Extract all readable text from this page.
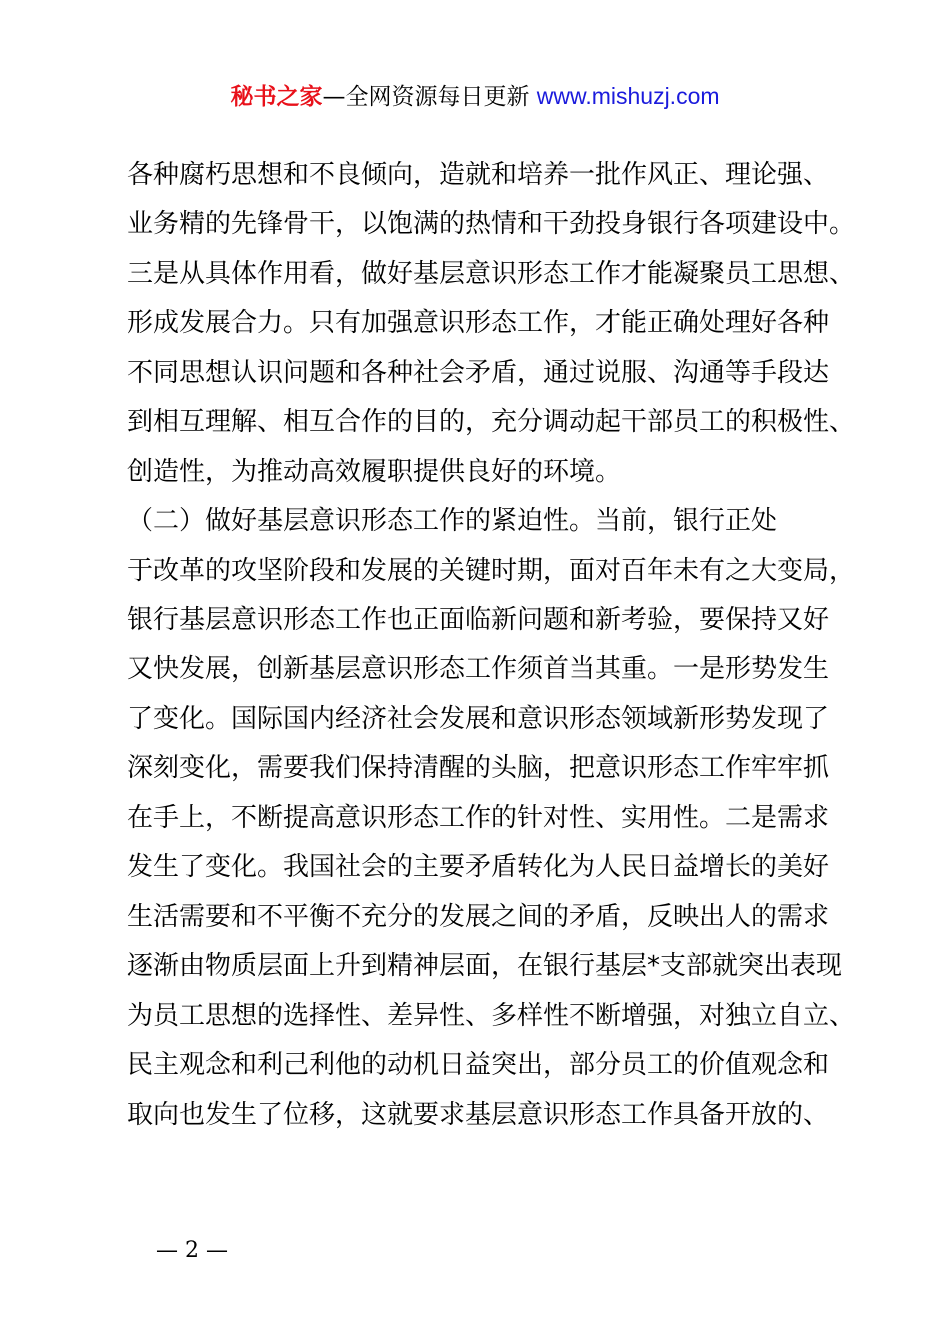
秘书之家—全网资源每日更新 www.mishuzj.com
各种腐朽思想和不良倾向，造就和培养一批作风正、理论强、
业务精的先锋骨干，以饱满的热情和干劲投身银行各项建设中。
三是从具体作用看，做好基层意识形态工作才能凝聚员工思想、
形成发展合力。只有加强意识形态工作，才能正确处理好各种
不同思想认识问题和各种社会矛盾，通过说服、沟通等手段达
到相互理解、相互合作的目的，充分调动起干部员工的积极性、
创造性，为推动高效履职提供良好的环境。
（二）做好基层意识形态工作的紧迫性。当前，银行正处
于改革的攻坚阶段和发展的关键时期，面对百年未有之大变局，
银行基层意识形态工作也正面临新问题和新考验，要保持又好
又快发展，创新基层意识形态工作须首当其重。一是形势发生
了变化。国际国内经济社会发展和意识形态领域新形势发现了
深刻变化，需要我们保持清醒的头脑，把意识形态工作牢牢抓
在手上，不断提高意识形态工作的针对性、实用性。二是需求
发生了变化。我国社会的主要矛盾转化为人民日益增长的美好
生活需要和不平衡不充分的发展之间的矛盾，反映出人的需求
逐渐由物质层面上升到精神层面，在银行基层*支部就突出表现
为员工思想的选择性、差异性、多样性不断增强，对独立自立、
民主观念和利己利他的动机日益突出，部分员工的价值观念和
取向也发生了位移，这就要求基层意识形态工作具备开放的、
— 2 —
